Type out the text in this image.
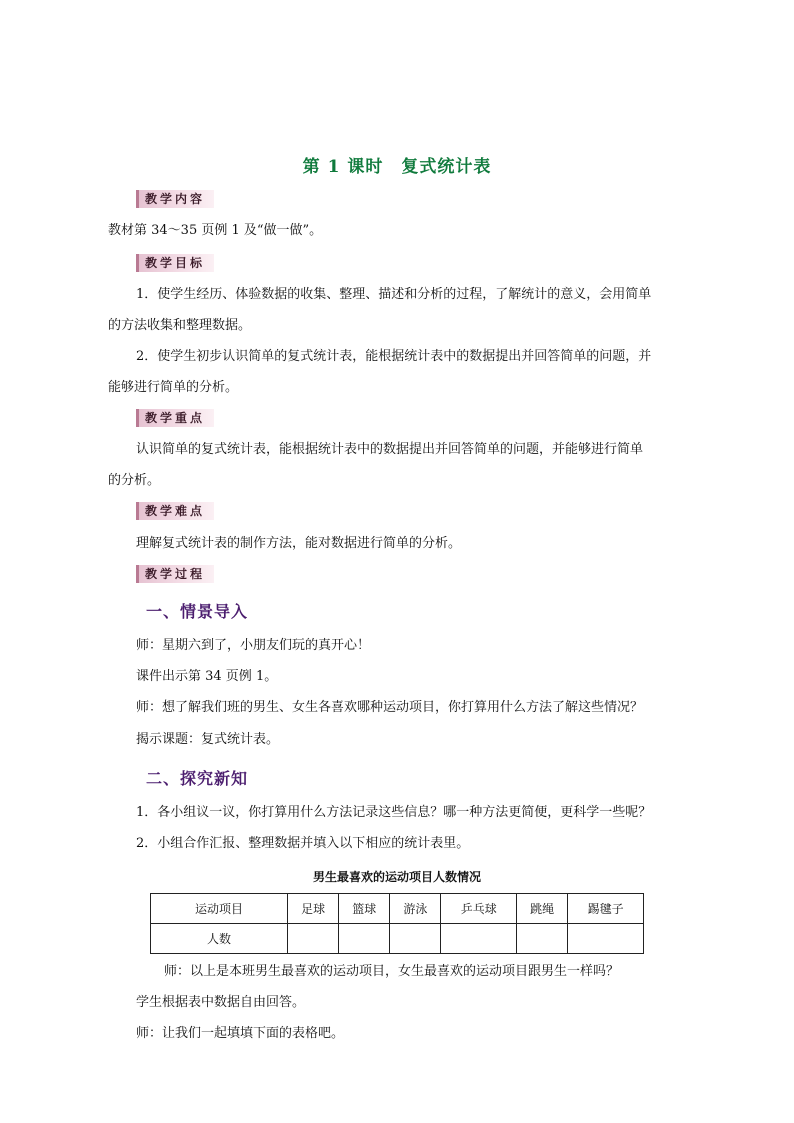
第 1 课时　复式统计表
教学内容
教材第 34～35 页例 1 及“做一做”。
教学目标
1．使学生经历、体验数据的收集、整理、描述和分析的过程，了解统计的意义，会用简单
的方法收集和整理数据。
2．使学生初步认识简单的复式统计表，能根据统计表中的数据提出并回答简单的问题，并
能够进行简单的分析。
教学重点
认识简单的复式统计表，能根据统计表中的数据提出并回答简单的问题，并能够进行简单
的分析。
教学难点
理解复式统计表的制作方法，能对数据进行简单的分析。
教学过程
一、情景导入
师：星期六到了，小朋友们玩的真开心！
课件出示第 34 页例 1。
师：想了解我们班的男生、女生各喜欢哪种运动项目，你打算用什么方法了解这些情况？
揭示课题：复式统计表。
二、探究新知
1．各小组议一议，你打算用什么方法记录这些信息？哪一种方法更简便，更科学一些呢？
2．小组合作汇报、整理数据并填入以下相应的统计表里。
男生最喜欢的运动项目人数情况
运动项目	足球	篮球	游泳	乒乓球	跳绳	踢毽子
人数						
师：以上是本班男生最喜欢的运动项目，女生最喜欢的运动项目跟男生一样吗？
学生根据表中数据自由回答。
师：让我们一起填填下面的表格吧。
